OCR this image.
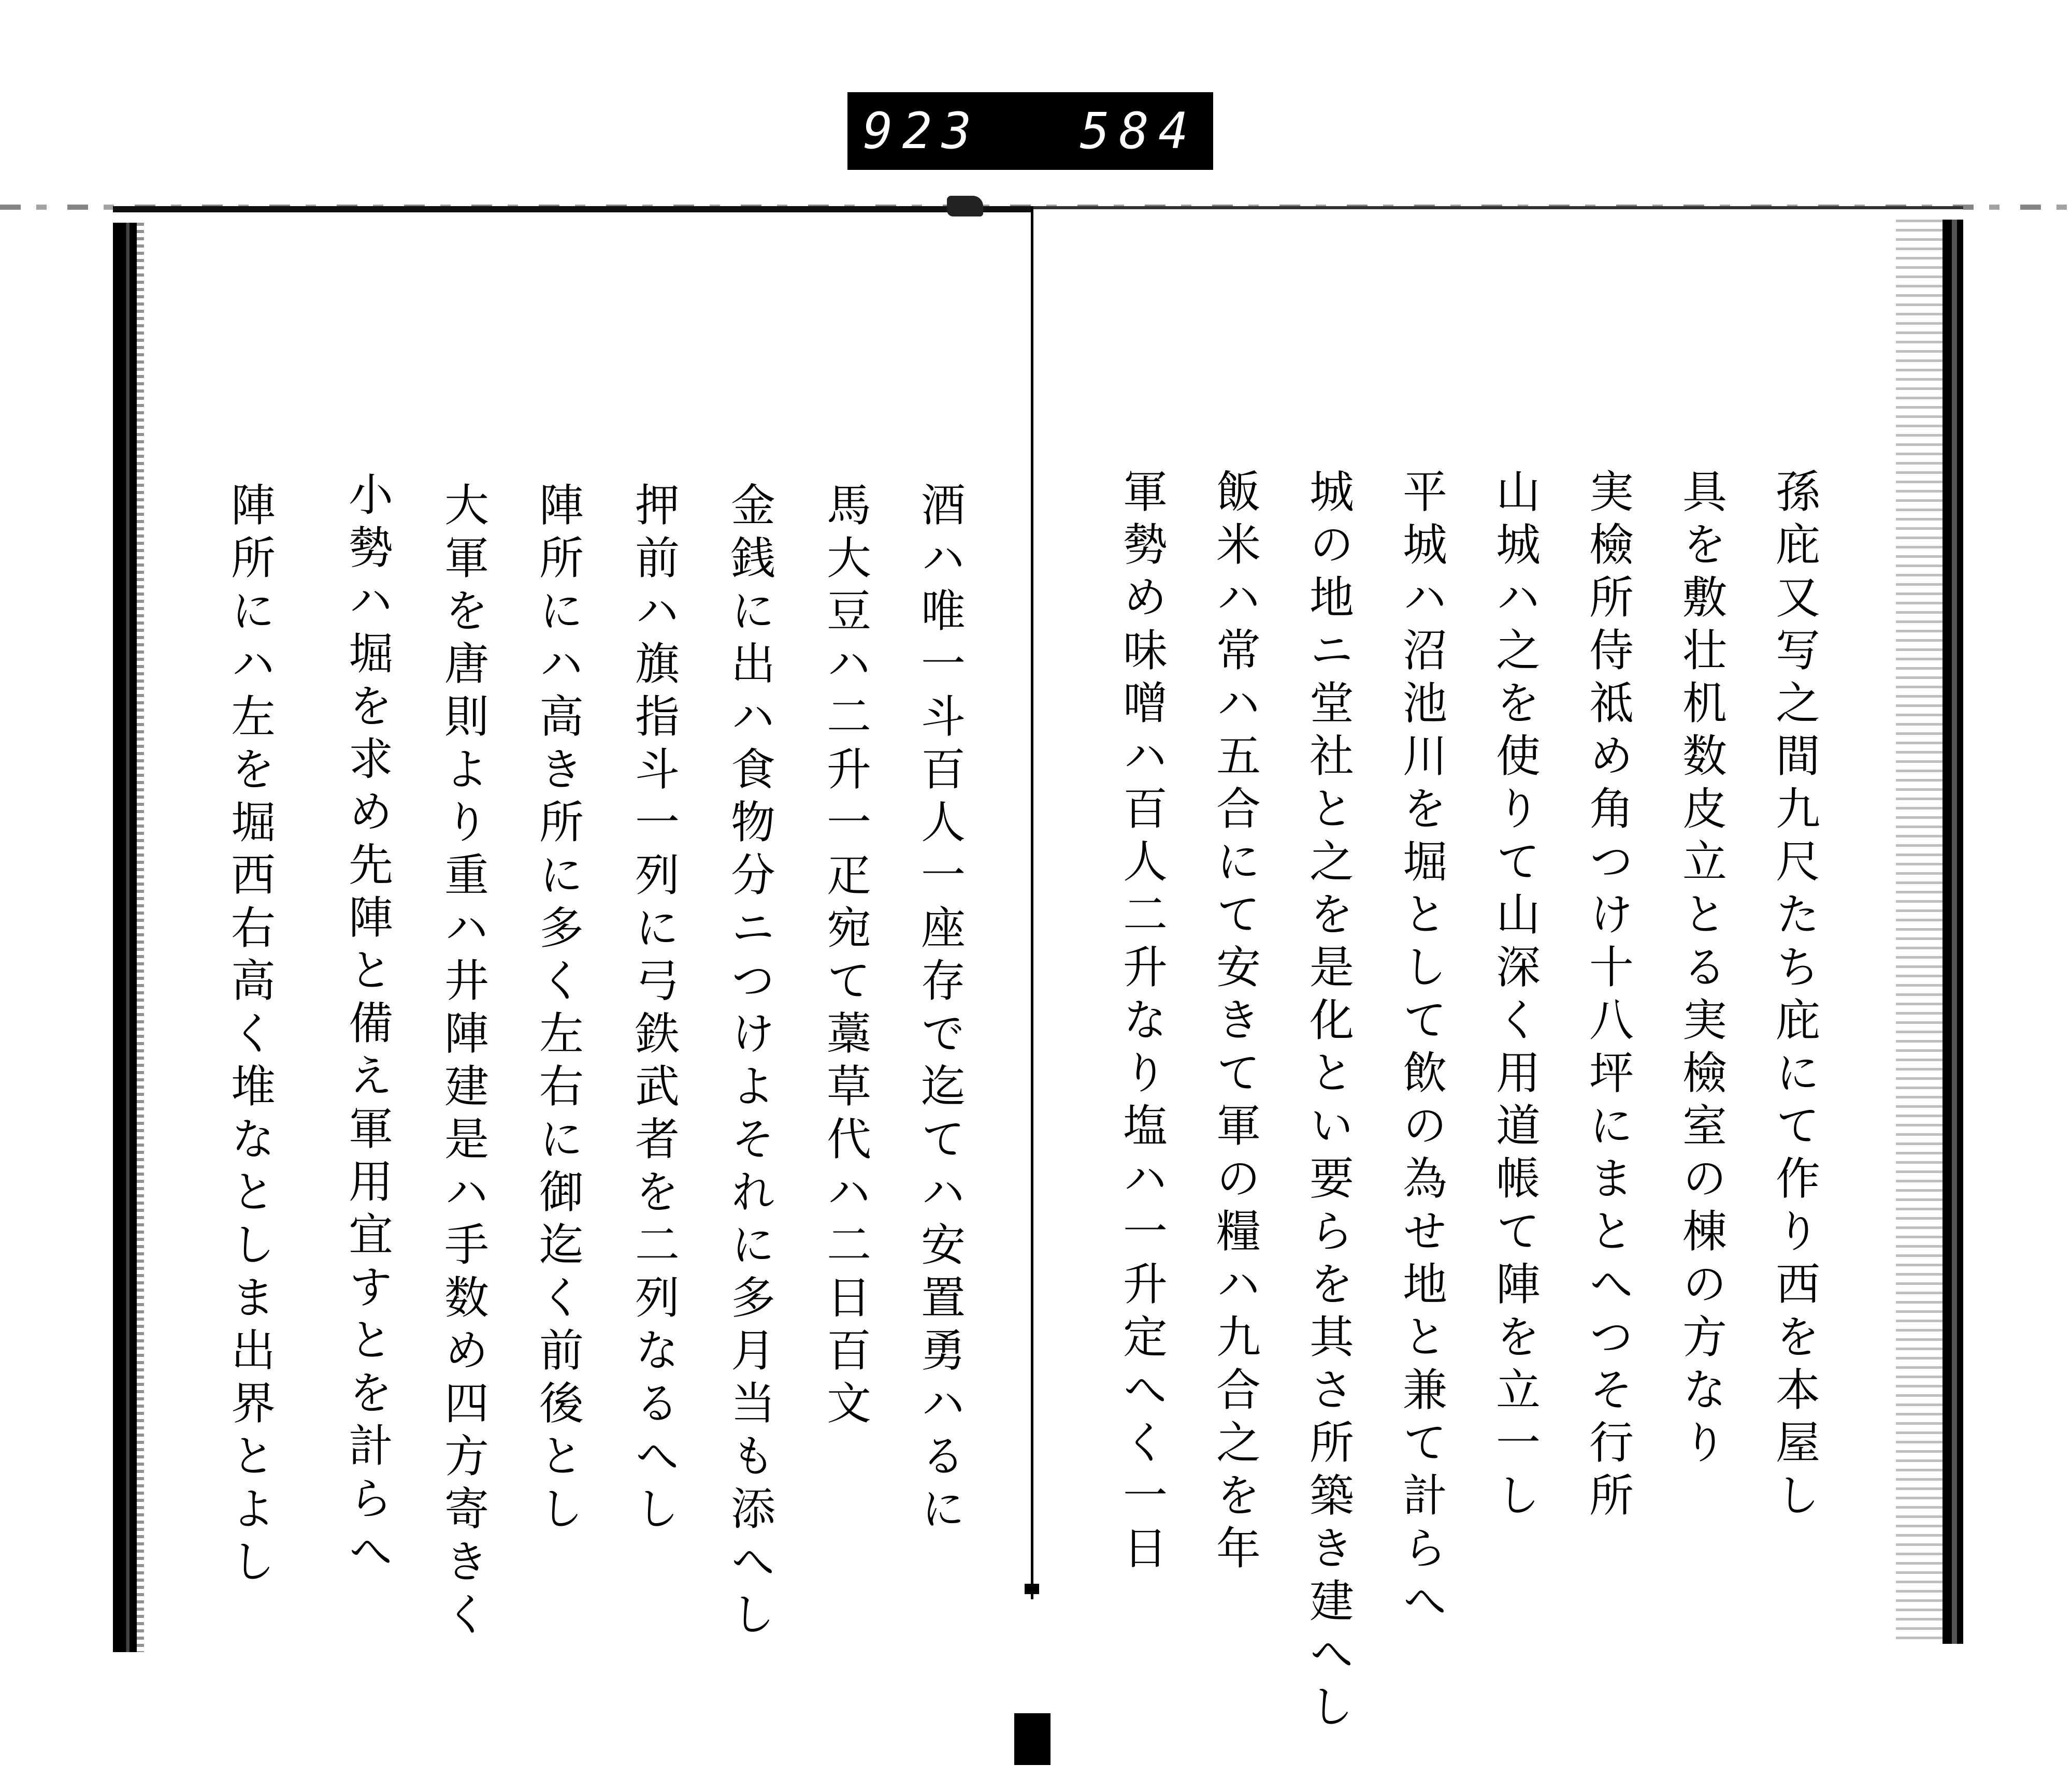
923 584
酒ハ唯一斗百人一座存で迄てハ安置勇ハるに
馬大豆ハ二升一疋宛て藁草代ハ二日百文
金銭に出ハ食物分ニつけよそれに多月当も添へし
押前ハ旗指斗一列に弓鉄武者を二列なるへし
陣所にハ高き所に多く左右に御迄く前後とし
大軍を唐則より重ハ井陣建是ハ手数め四方寄きく
小勢ハ堀を求め先陣と備え軍用宜すとを計らへ
陣所にハ左を堀西右高く堆なとしま出界とよし	孫庇又写之間九尺たち庇にて作り西を本屋し
具を敷壮机数皮立とる実檢室の棟の方なり
実檢所侍祗め角つけ十八坪にまとへつそ行所
山城ハ之を使りて山深く用道帳て陣を立一し
平城ハ沼池川を堀として飲の為せ地と兼て計らへ
城の地ニ堂社と之を是化とい要らを其さ所築き建へし
飯米ハ常ハ五合にて安きて軍の糧ハ九合之を年
軍勢め味噌ハ百人二升なり塩ハ一升定へく一日
